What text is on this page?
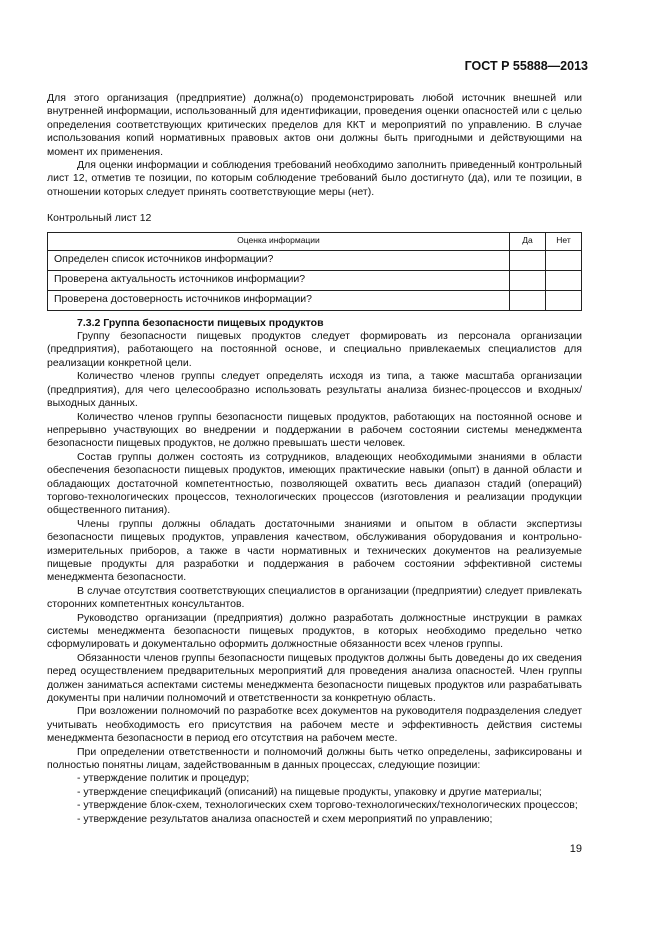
ГОСТ Р 55888—2013

Для этого организация (предприятие) должна(о) продемонстрировать любой источник внешней или внутренней информации, использованный для идентификации, проведения оценки опасностей или с целью определения соответствующих критических пределов для ККТ и мероприятий по управлению. В случае использования копий нормативных правовых актов они должны быть пригодными и действующими на момент их применения.

Для оценки информации и соблюдения требований необходимо заполнить приведенный контрольный лист 12, отметив те позиции, по которым соблюдение требований было достигнуто (да), или те позиции, в отношении которых следует принять соответствующие меры (нет).

Контрольный лист 12

Оценка информации	Да	Нет
Определен список источников информации?		
Проверена актуальность источников информации?		
Проверена достоверность источников информации?		

7.3.2 Группа безопасности пищевых продуктов

Группу безопасности пищевых продуктов следует формировать из персонала организации (предприятия), работающего на постоянной основе, и специально привлекаемых специалистов для реализации конкретной цели.

Количество членов группы следует определять исходя из типа, а также масштаба организации (предприятия), для чего целесообразно использовать результаты анализа бизнес-процессов и входных/выходных данных.

Количество членов группы безопасности пищевых продуктов, работающих на постоянной основе и непрерывно участвующих во внедрении и поддержании в рабочем состоянии системы менеджмента безопасности пищевых продуктов, не должно превышать шести человек.

Состав группы должен состоять из сотрудников, владеющих необходимыми знаниями в области обеспечения безопасности пищевых продуктов, имеющих практические навыки (опыт) в данной области и обладающих достаточной компетентностью, позволяющей охватить весь диапазон стадий (операций) торгово-технологических процессов, технологических процессов (изготовления и реализации продукции общественного питания).

Члены группы должны обладать достаточными знаниями и опытом в области экспертизы безопасности пищевых продуктов, управления качеством, обслуживания оборудования и контрольно-измерительных приборов, а также в части нормативных и технических документов на реализуемые пищевые продукты для разработки и поддержания в рабочем состоянии эффективной системы менеджмента безопасности.

В случае отсутствия соответствующих специалистов в организации (предприятии) следует привлекать сторонних компетентных консультантов.

Руководство организации (предприятия) должно разработать должностные инструкции в рамках системы менеджмента безопасности пищевых продуктов, в которых необходимо предельно четко сформулировать и документально оформить должностные обязанности всех членов группы.

Обязанности членов группы безопасности пищевых продуктов должны быть доведены до их сведения перед осуществлением предварительных мероприятий для проведения анализа опасностей. Член группы должен заниматься аспектами системы менеджмента безопасности пищевых продуктов или разрабатывать документы при наличии полномочий и ответственности за конкретную область.

При возложении полномочий по разработке всех документов на руководителя подразделения следует учитывать необходимость его присутствия на рабочем месте и эффективность действия системы менеджмента безопасности в период его отсутствия на рабочем месте.

При определении ответственности и полномочий должны быть четко определены, зафиксированы и полностью понятны лицам, задействованным в данных процессах, следующие позиции:

- утверждение политик и процедур;

- утверждение спецификаций (описаний) на пищевые продукты, упаковку и другие материалы;

- утверждение блок-схем, технологических схем торгово-технологических/технологических процессов;

- утверждение результатов анализа опасностей и схем мероприятий по управлению;

19
